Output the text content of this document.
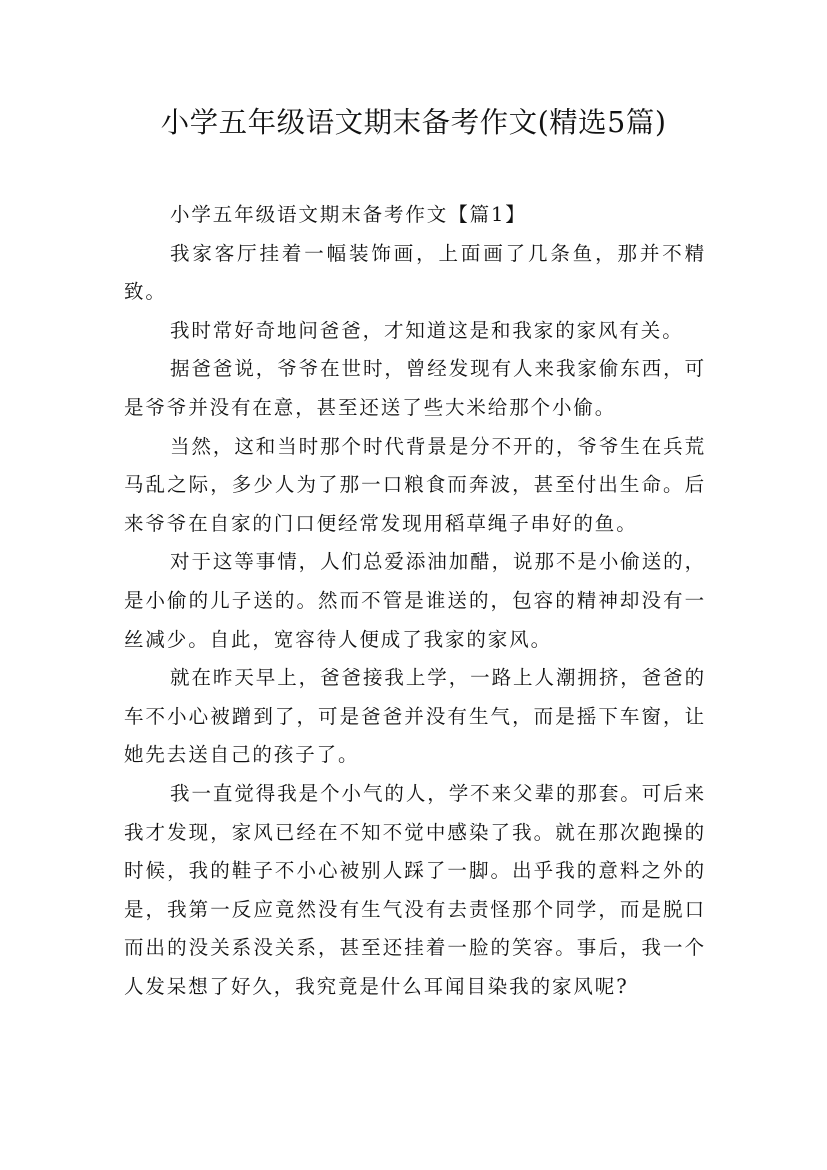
小学五年级语文期末备考作文(精选5篇)

小学五年级语文期末备考作文【篇1】

我家客厅挂着一幅装饰画，上面画了几条鱼，那并不精致。

我时常好奇地问爸爸，才知道这是和我家的家风有关。

据爸爸说，爷爷在世时，曾经发现有人来我家偷东西，可是爷爷并没有在意，甚至还送了些大米给那个小偷。

当然，这和当时那个时代背景是分不开的，爷爷生在兵荒马乱之际，多少人为了那一口粮食而奔波，甚至付出生命。后来爷爷在自家的门口便经常发现用稻草绳子串好的鱼。

对于这等事情，人们总爱添油加醋，说那不是小偷送的，是小偷的儿子送的。然而不管是谁送的，包容的精神却没有一丝减少。自此，宽容待人便成了我家的家风。

就在昨天早上，爸爸接我上学，一路上人潮拥挤，爸爸的车不小心被蹭到了，可是爸爸并没有生气，而是摇下车窗，让她先去送自己的孩子了。

我一直觉得我是个小气的人，学不来父辈的那套。可后来我才发现，家风已经在不知不觉中感染了我。就在那次跑操的时候，我的鞋子不小心被别人踩了一脚。出乎我的意料之外的是，我第一反应竟然没有生气没有去责怪那个同学，而是脱口而出的没关系没关系，甚至还挂着一脸的笑容。事后，我一个人发呆想了好久，我究竟是什么耳闻目染我的家风呢?
